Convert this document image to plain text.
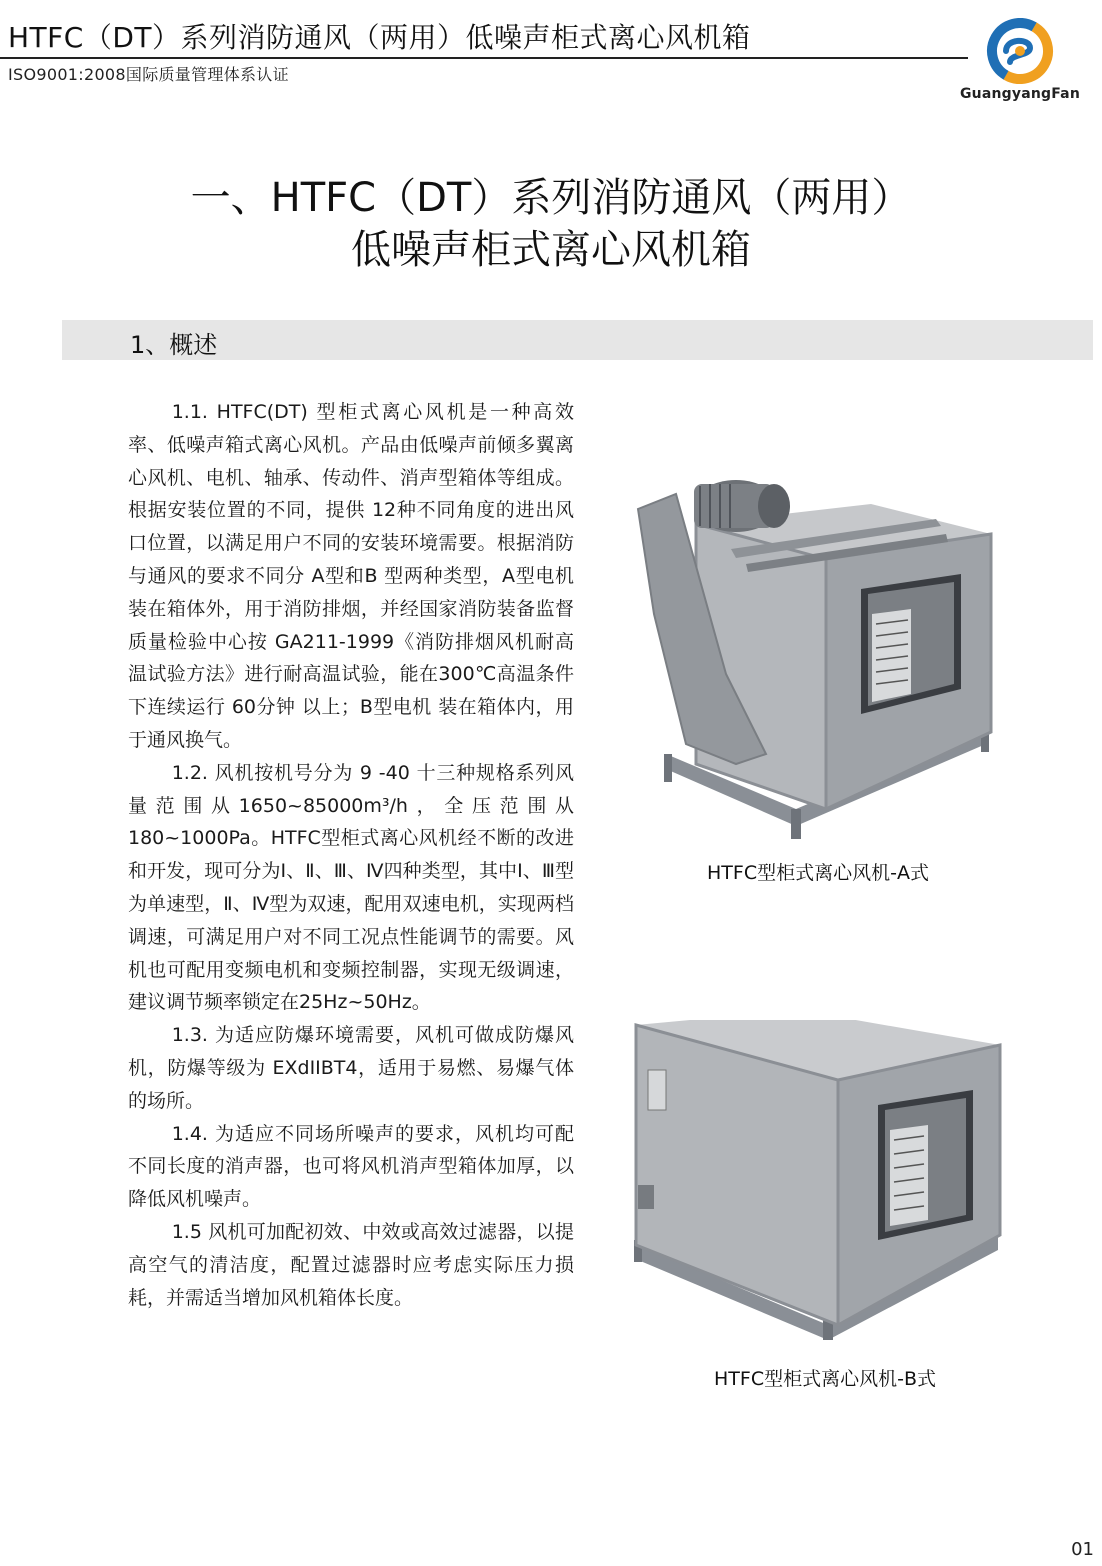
HTFC（DT）系列消防通风（两用）低噪声柜式离心风机箱
ISO9001:2008国际质量管理体系认证
GuangyangFan
一、HTFC（DT）系列消防通风（两用）
低噪声柜式离心风机箱
1、概述

1.1. HTFC(DT) 型柜式离心风机是一种高效率、低噪声箱式离心风机。产品由低噪声前倾多翼离心风机、电机、轴承、传动件、消声型箱体等组成。根据安装位置的不同，提供 12种不同角度的进出风口位置，以满足用户不同的安装环境需要。根据消防与通风的要求不同分 A型和B 型两种类型，A型电机装在箱体外，用于消防排烟，并经国家消防装备监督质量检验中心按 GA211-1999《消防排烟风机耐高温试验方法》进行耐高温试验，能在300℃高温条件下连续运行 60分钟 以上；B型电机 装在箱体内，用于通风换气。

1.2. 风机按机号分为 9 -40 十三种规格系列风量范围从1650~85000m³/h，全压范围从180~1000Pa。HTFC型柜式离心风机经不断的改进和开发，现可分为Ⅰ、Ⅱ、Ⅲ、Ⅳ四种类型，其中Ⅰ、Ⅲ型为单速型，Ⅱ、Ⅳ型为双速，配用双速电机，实现两档调速，可满足用户对不同工况点性能调节的需要。风机也可配用变频电机和变频控制器，实现无级调速，建议调节频率锁定在25Hz~50Hz。

1.3. 为适应防爆环境需要，风机可做成防爆风机，防爆等级为 EXdIIBT4，适用于易燃、易爆气体的场所。

1.4. 为适应不同场所噪声的要求，风机均可配不同长度的消声器，也可将风机消声型箱体加厚，以降低风机噪声。

1.5 风机可加配初效、中效或高效过滤器，以提高空气的清洁度，配置过滤器时应考虑实际压力损耗，并需适当增加风机箱体长度。

HTFC型柜式离心风机-A式
HTFC型柜式离心风机-B式
01
